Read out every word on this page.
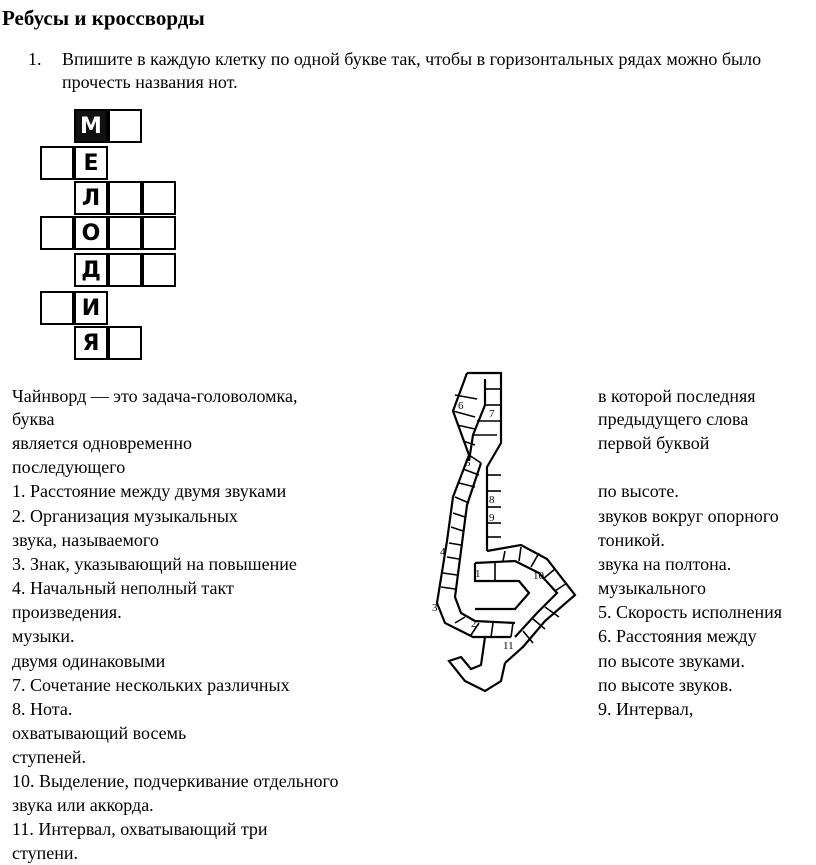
Ребусы и кроссворды
1. Впишите в каждую клетку по одной букве так, чтобы в горизонтальных рядах можно было прочесть названия нот.
М
Е
Л
О
Д
И
Я
Чайнворд — это задача-головоломка,
буква
является одновременно
последующего
1. Расстояние между двумя звуками
2. Организация музыкальных
звука, называемого
3. Знак, указывающий на повышение
4. Начальный неполный такт
произведения.
музыки.
двумя одинаковыми
7. Сочетание нескольких различных
8. Нота.
охватывающий восемь
ступеней.
10. Выделение, подчеркивание отдельного
звука или аккорда.
11. Интервал, охватывающий три
ступени.
в которой последняя
предыдущего слова
первой буквой
по высоте.
звуков вокруг опорного
тоникой.
звука на полтона.
музыкального
5. Скорость исполнения
6. Расстояния между
по высоте звуками.
по высоте звуков.
9. Интервал,
1
2
3
4
5
6
7
8
9
10
11
